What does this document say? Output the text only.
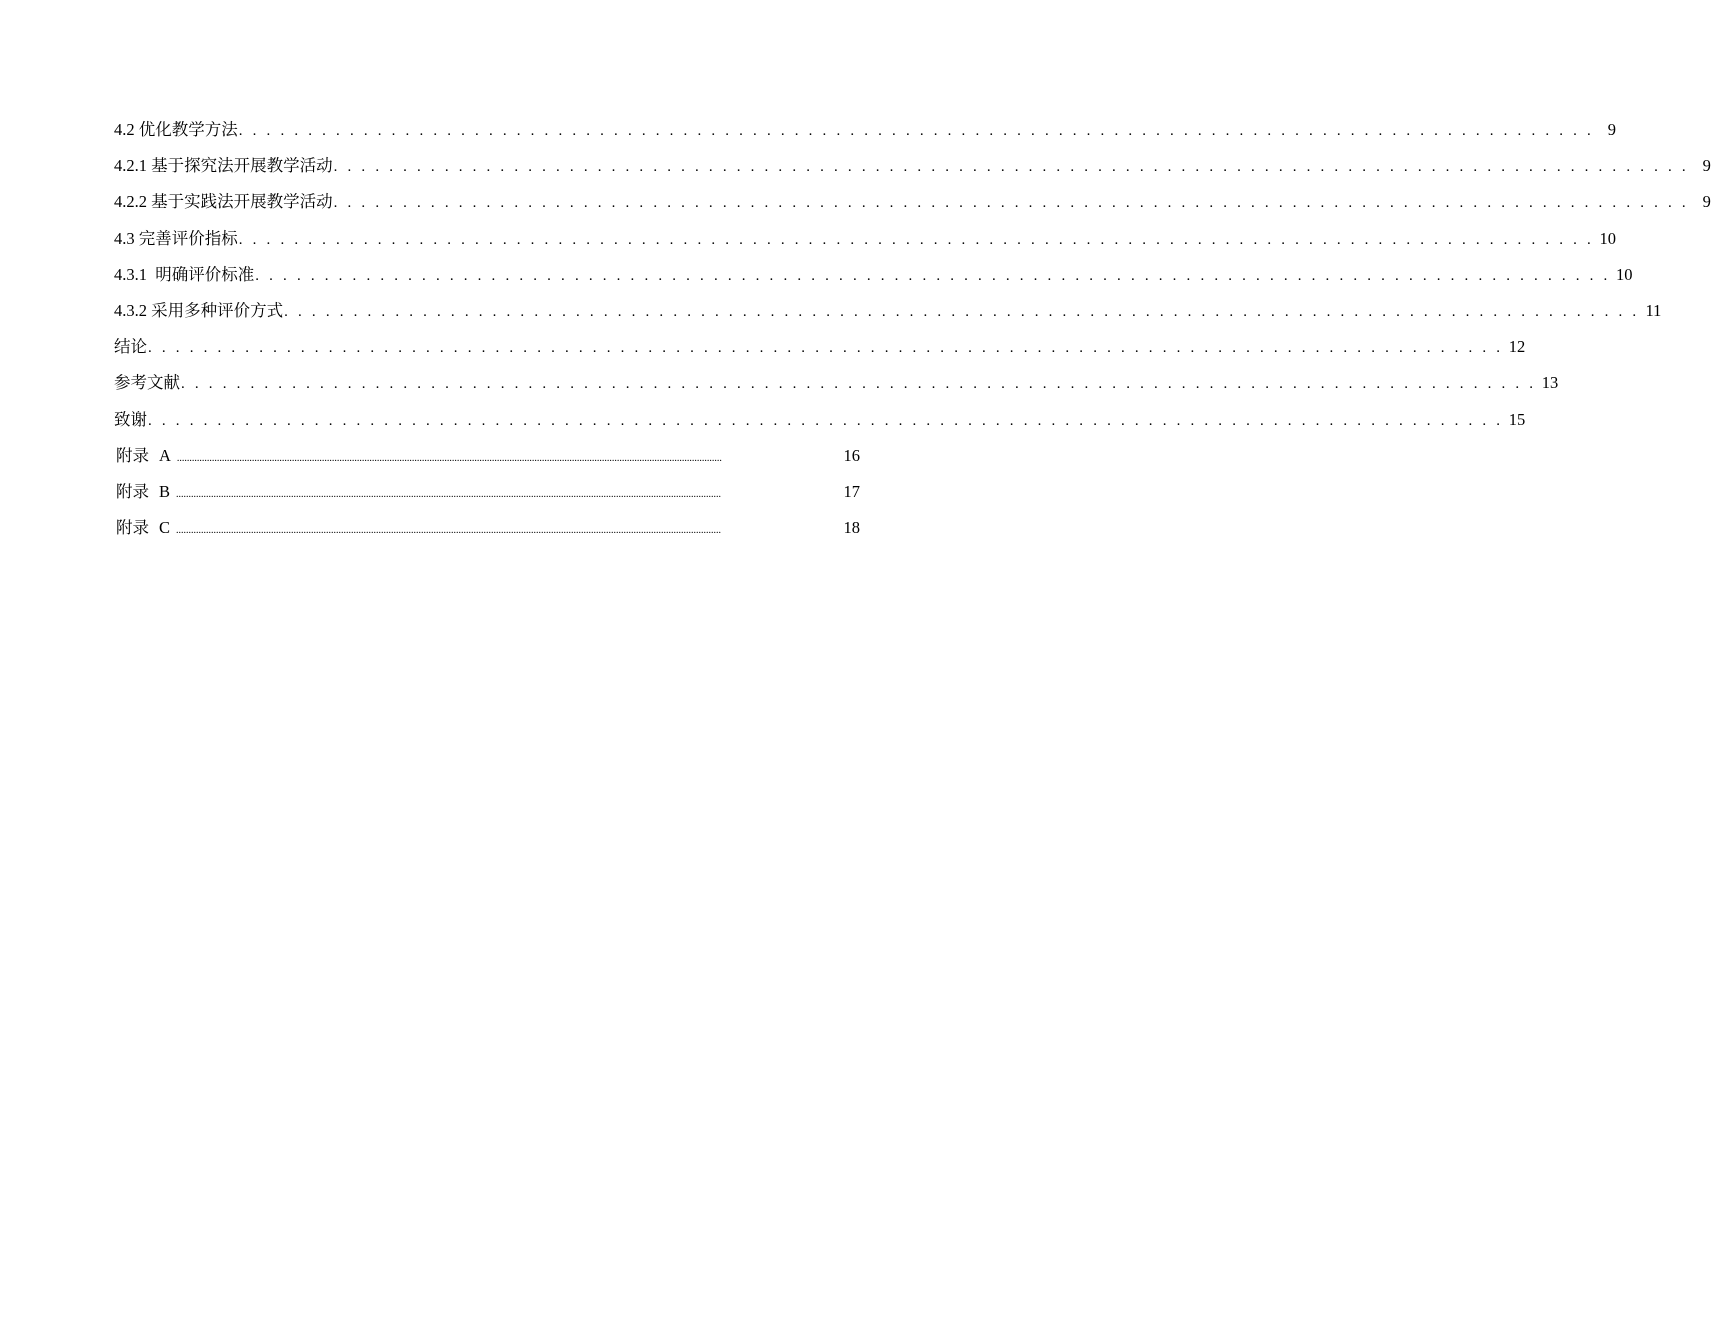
4.2 优化教学方法 . . . . . . . . . . . . . . . . . . . . . . . . . . . . . . . . . . . . . . . . . . . . . . . . . . . . . . . . . . . . . . . . . . . . . . . . . . . . . . . . . . . . . . . . . . . . . . . . . . 9
4.2.1 基于探究法开展教学活动 . . . . . . . . . . . . . . . . . . . . . . . . . . . . . . . . . . . . . . . . . . . . . . . . . . . . . . . . . . . . . . . . . . . . . . . . . . . . . . . . . . . . . . . . . . . . . . . . . . 9
4.2.2 基于实践法开展教学活动 . . . . . . . . . . . . . . . . . . . . . . . . . . . . . . . . . . . . . . . . . . . . . . . . . . . . . . . . . . . . . . . . . . . . . . . . . . . . . . . . . . . . . . . . . . . . . . . . . . 9
4.3 完善评价指标 . . . . . . . . . . . . . . . . . . . . . . . . . . . . . . . . . . . . . . . . . . . . . . . . . . . . . . . . . . . . . . . . . . . . . . . . . . . . . . . . . . . . . . . . . . . . . . . . . . 10
4.3.1  明确评价标准 . . . . . . . . . . . . . . . . . . . . . . . . . . . . . . . . . . . . . . . . . . . . . . . . . . . . . . . . . . . . . . . . . . . . . . . . . . . . . . . . . . . . . . . . . . . . . . . . . . 10
4.3.2 采用多种评价方式 . . . . . . . . . . . . . . . . . . . . . . . . . . . . . . . . . . . . . . . . . . . . . . . . . . . . . . . . . . . . . . . . . . . . . . . . . . . . . . . . . . . . . . . . . . . . . . . . . . 11
结论 . . . . . . . . . . . . . . . . . . . . . . . . . . . . . . . . . . . . . . . . . . . . . . . . . . . . . . . . . . . . . . . . . . . . . . . . . . . . . . . . . . . . . . . . . . . . . . . . . . 12
参考文献 . . . . . . . . . . . . . . . . . . . . . . . . . . . . . . . . . . . . . . . . . . . . . . . . . . . . . . . . . . . . . . . . . . . . . . . . . . . . . . . . . . . . . . . . . . . . . . . . . . 13
致谢 . . . . . . . . . . . . . . . . . . . . . . . . . . . . . . . . . . . . . . . . . . . . . . . . . . . . . . . . . . . . . . . . . . . . . . . . . . . . . . . . . . . . . . . . . . . . . . . . . . 15
附录 A ..........................................................................................................................................................................................................................	16
附录 B ..........................................................................................................................................................................................................................	17
附录 C ..........................................................................................................................................................................................................................	18
